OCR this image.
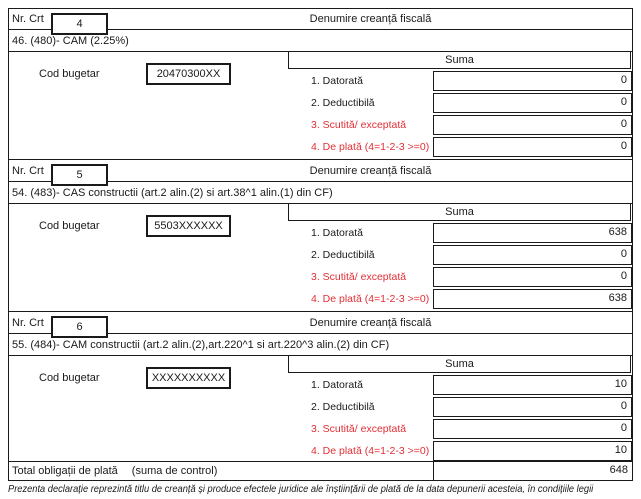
Nr. Crt	4	Denumire creanță fiscală
46. (480)- CAM (2.25%)
Suma
Cod bugetar	20470300XX
1. Datorată	0
2. Deductibilă	0
3. Scutită/ exceptată	0
4. De plată (4=1-2-3 >=0)	0
Nr. Crt	5	Denumire creanță fiscală
54. (483)- CAS constructii (art.2 alin.(2) si art.38^1 alin.(1) din CF)
Suma
Cod bugetar	5503XXXXXX
1. Datorată	638
2. Deductibilă	0
3. Scutită/ exceptată	0
4. De plată (4=1-2-3 >=0)	638
Nr. Crt	6	Denumire creanță fiscală
55. (484)- CAM constructii (art.2 alin.(2),art.220^1 si art.220^3 alin.(2) din CF)
Suma
Cod bugetar	XXXXXXXXXX
1. Datorată	10
2. Deductibilă	0
3. Scutită/ exceptată	0
4. De plată (4=1-2-3 >=0)	10
Total obligații de plată (suma de control)	648
Prezenta declarație reprezintă titlu de creanță și produce efectele juridice ale înștiințării de plată de la data depunerii acesteia, în condițiile legii
